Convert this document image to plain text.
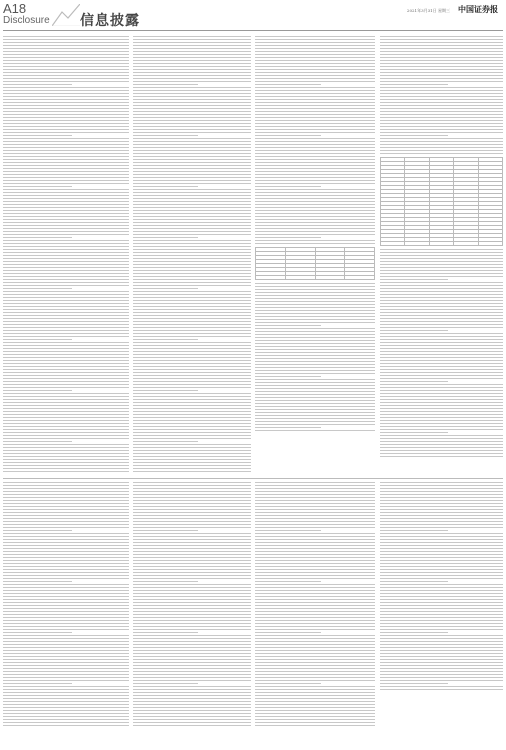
A18
Disclosure 信息披露
2021年3月31日 星期三 中国证券报
